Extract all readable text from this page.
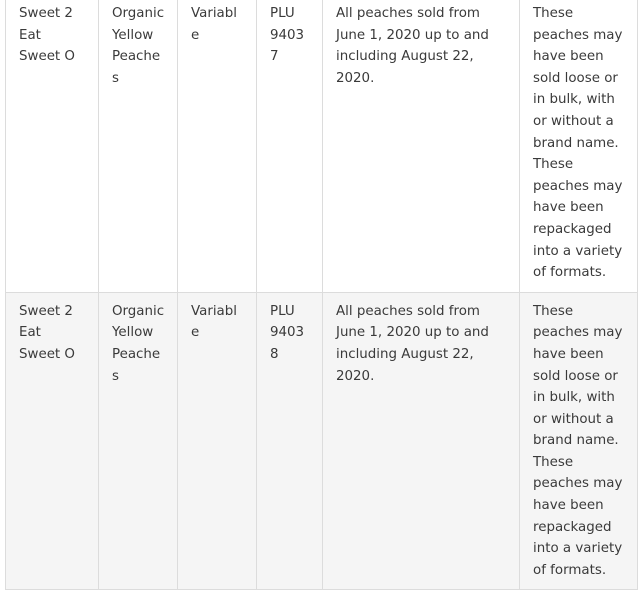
Sweet 2 Eat Sweet O	Organic Yellow Peaches	Variable	PLU 94037	All peaches sold from June 1, 2020 up to and including August 22, 2020.	These peaches may have been sold loose or in bulk, with or without a brand name. These peaches may have been repackaged into a variety of formats.

Sweet 2 Eat Sweet O	Organic Yellow Peaches	Variable	PLU 94038	All peaches sold from June 1, 2020 up to and including August 22, 2020.	These peaches may have been sold loose or in bulk, with or without a brand name. These peaches may have been repackaged into a variety of formats.
